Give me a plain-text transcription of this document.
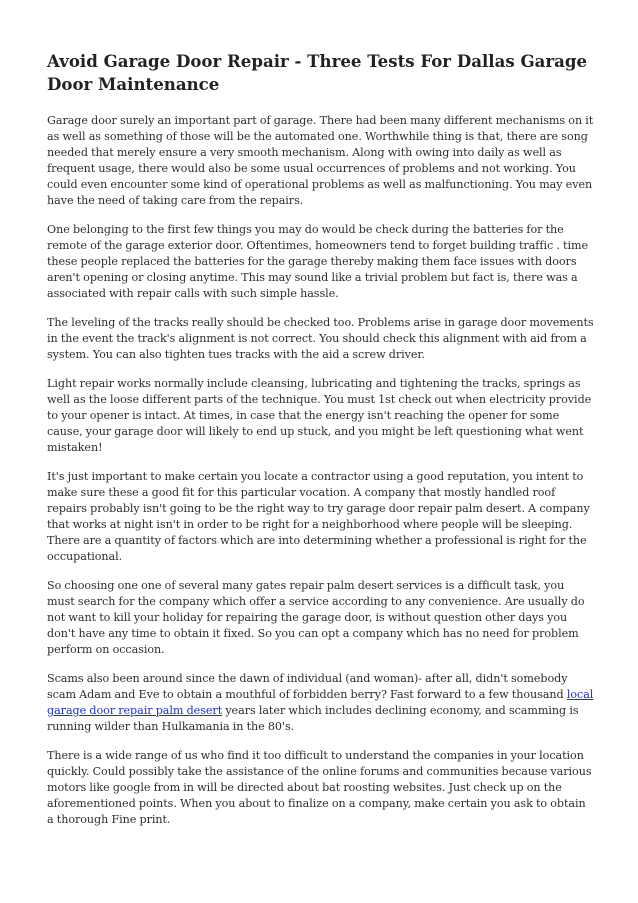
Avoid Garage Door Repair - Three Tests For Dallas Garage Door Maintenance

Garage door surely an important part of garage. There had been many different mechanisms on it as well as something of those will be the automated one. Worthwhile thing is that, there are song needed that merely ensure a very smooth mechanism. Along with owing into daily as well as frequent usage, there would also be some usual occurrences of problems and not working. You could even encounter some kind of operational problems as well as malfunctioning. You may even have the need of taking care from the repairs.

One belonging to the first few things you may do would be check during the batteries for the remote of the garage exterior door. Oftentimes, homeowners tend to forget building traffic . time these people replaced the batteries for the garage thereby making them face issues with doors aren't opening or closing anytime. This may sound like a trivial problem but fact is, there was a associated with repair calls with such simple hassle.

The leveling of the tracks really should be checked too. Problems arise in garage door movements in the event the track's alignment is not correct. You should check this alignment with aid from a system. You can also tighten tues tracks with the aid a screw driver.

Light repair works normally include cleansing, lubricating and tightening the tracks, springs as well as the loose different parts of the technique. You must 1st check out when electricity provide to your opener is intact. At times, in case that the energy isn't reaching the opener for some cause, your garage door will likely to end up stuck, and you might be left questioning what went mistaken!

It's just important to make certain you locate a contractor using a good reputation, you intent to make sure these a good fit for this particular vocation. A company that mostly handled roof repairs probably isn't going to be the right way to try garage door repair palm desert. A company that works at night isn't in order to be right for a neighborhood where people will be sleeping. There are a quantity of factors which are into determining whether a professional is right for the occupational.

So choosing one one of several many gates repair palm desert services is a difficult task, you must search for the company which offer a service according to any convenience. Are usually do not want to kill your holiday for repairing the garage door, is without question other days you don't have any time to obtain it fixed. So you can opt a company which has no need for problem perform on occasion.

Scams also been around since the dawn of individual (and woman)- after all, didn't somebody scam Adam and Eve to obtain a mouthful of forbidden berry? Fast forward to a few thousand local garage door repair palm desert years later which includes declining economy, and scamming is running wilder than Hulkamania in the 80's.

There is a wide range of us who find it too difficult to understand the companies in your location quickly. Could possibly take the assistance of the online forums and communities because various motors like google from in will be directed about bat roosting websites. Just check up on the aforementioned points. When you about to finalize on a company, make certain you ask to obtain a thorough Fine print.
